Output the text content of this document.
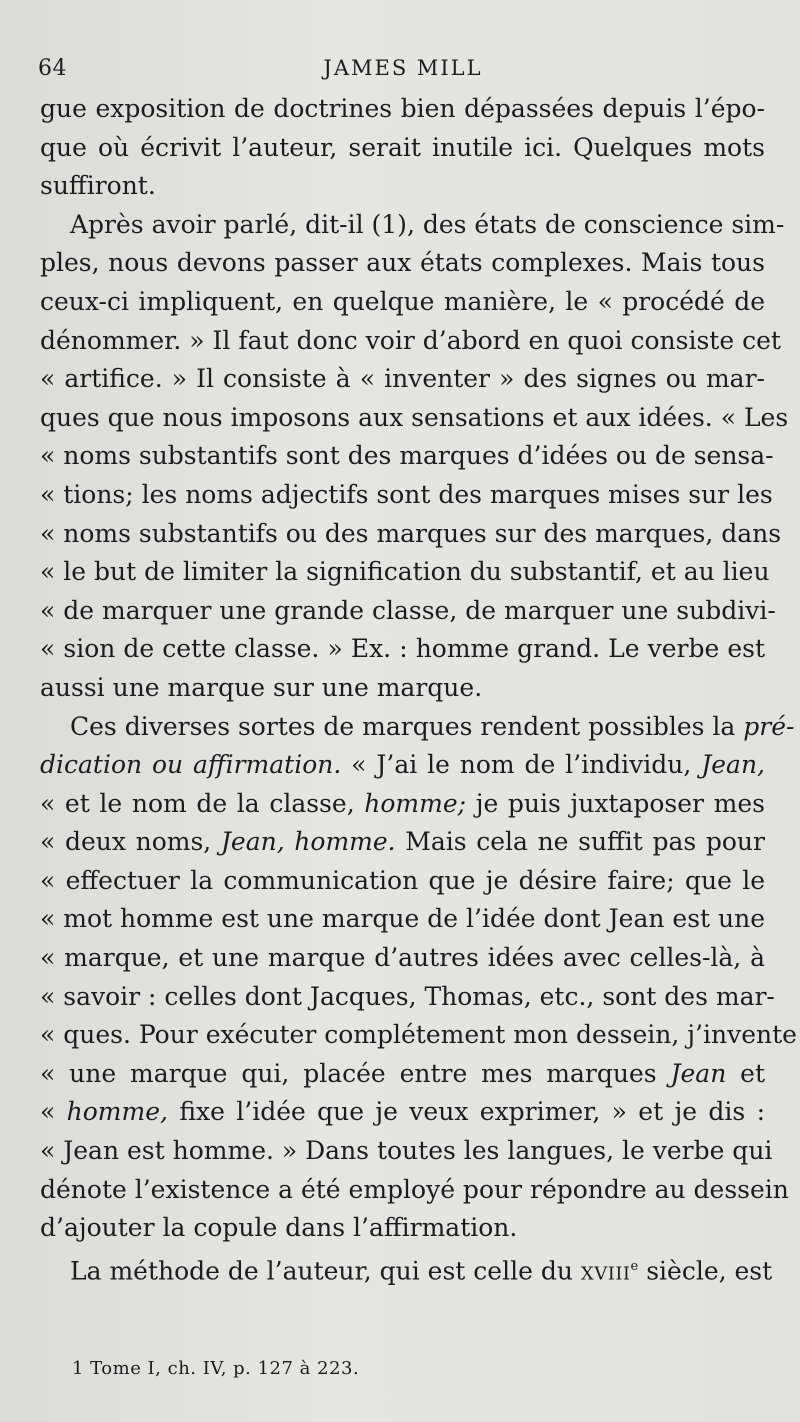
64	JAMES MILL
gue exposition de doctrines bien dépassées depuis l’épo-
que où écrivit l’auteur, serait inutile ici. Quelques mots
suffiront.
Après avoir parlé, dit-il (1), des états de conscience sim-
ples, nous devons passer aux états complexes. Mais tous
ceux-ci impliquent, en quelque manière, le « procédé de
dénommer. » Il faut donc voir d’abord en quoi consiste cet
« artifice. » Il consiste à « inventer » des signes ou mar-
ques que nous imposons aux sensations et aux idées. « Les
« noms substantifs sont des marques d’idées ou de sensa-
« tions; les noms adjectifs sont des marques mises sur les
« noms substantifs ou des marques sur des marques, dans
« le but de limiter la signification du substantif, et au lieu
« de marquer une grande classe, de marquer une subdivi-
« sion de cette classe. » Ex. : homme grand. Le verbe est
aussi une marque sur une marque.
Ces diverses sortes de marques rendent possibles la pré-
dication ou affirmation. « J’ai le nom de l’individu, Jean,
« et le nom de la classe, homme; je puis juxtaposer mes
« deux noms, Jean, homme. Mais cela ne suffit pas pour
« effectuer la communication que je désire faire; que le
« mot homme est une marque de l’idée dont Jean est une
« marque, et une marque d’autres idées avec celles-là, à
« savoir : celles dont Jacques, Thomas, etc., sont des mar-
« ques. Pour exécuter complétement mon dessein, j’invente
« une marque qui, placée entre mes marques Jean et
« homme, fixe l’idée que je veux exprimer, » et je dis :
« Jean est homme. » Dans toutes les langues, le verbe qui
dénote l’existence a été employé pour répondre au dessein
d’ajouter la copule dans l’affirmation.
La méthode de l’auteur, qui est celle du XVIIIe siècle, est
1 Tome I, ch. IV, p. 127 à 223.
